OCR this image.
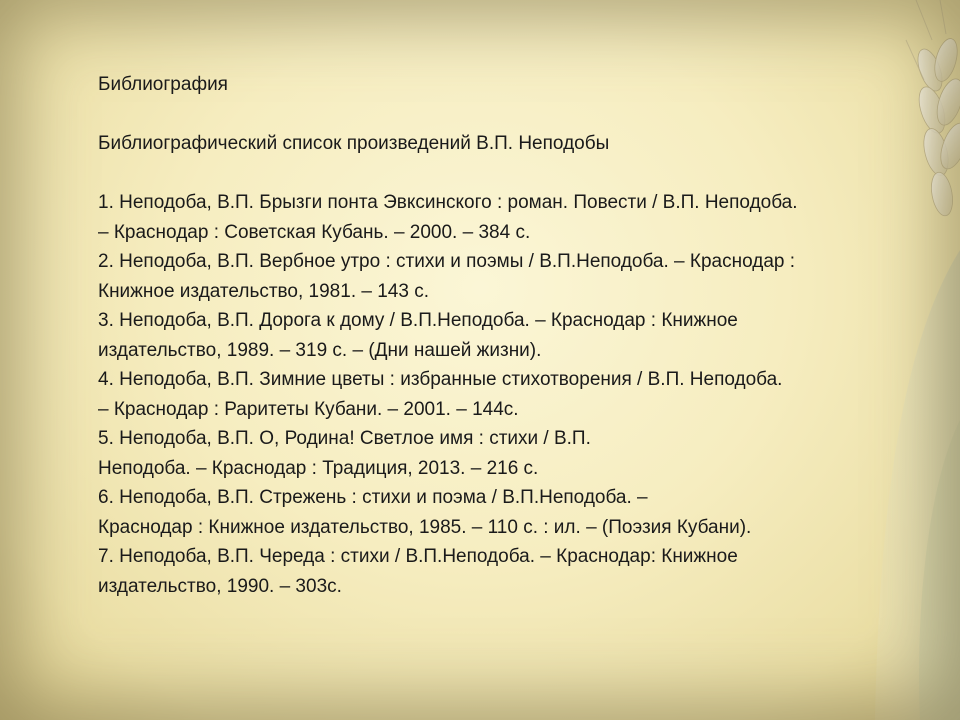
Библиография
Библиографический список произведений В.П. Неподобы
1. Неподоба, В.П. Брызги понта Эвксинского : роман. Повести / В.П. Неподоба.
– Краснодар : Советская Кубань. – 2000. – 384 с.
2. Неподоба, В.П. Вербное утро : стихи и поэмы / В.П.Неподоба. – Краснодар :
Книжное издательство, 1981. – 143 с.
3. Неподоба, В.П. Дорога к дому / В.П.Неподоба. – Краснодар : Книжное
издательство, 1989. – 319 с. – (Дни нашей жизни).
4. Неподоба, В.П. Зимние цветы : избранные стихотворения / В.П. Неподоба.
– Краснодар : Раритеты Кубани. – 2001. – 144с.
5. Неподоба, В.П. О, Родина! Светлое имя : стихи / В.П.
Неподоба. – Краснодар : Традиция, 2013. – 216 с.
6. Неподоба, В.П. Стрежень : стихи и поэма / В.П.Неподоба. –
Краснодар : Книжное издательство, 1985. – 110 с. : ил. – (Поэзия Кубани).
7. Неподоба, В.П. Череда : стихи / В.П.Неподоба. – Краснодар: Книжное
издательство, 1990. – 303с.
